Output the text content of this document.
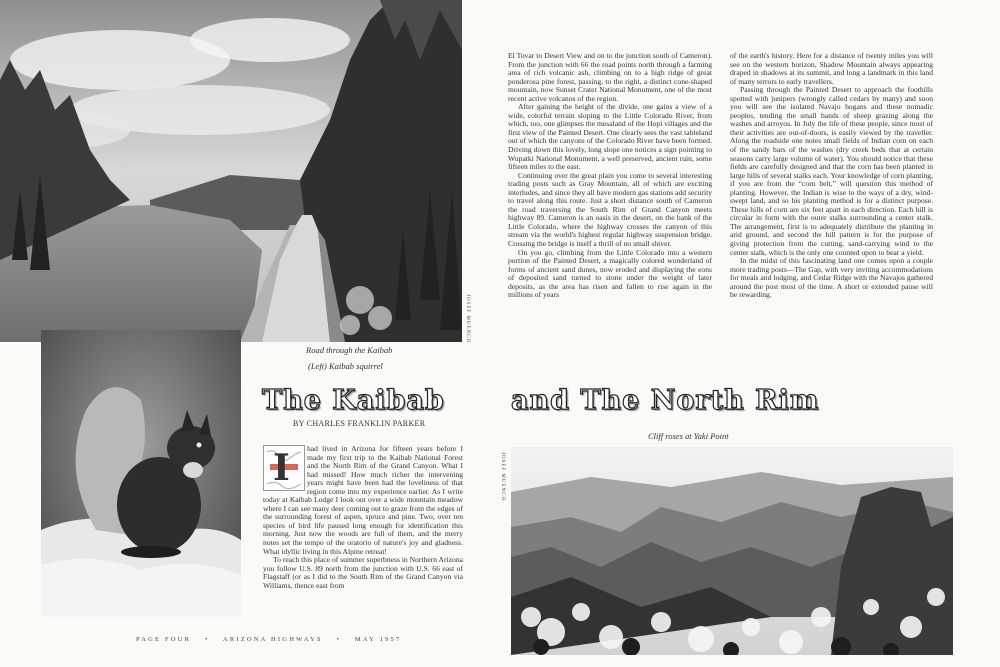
JOSEF MUENCH
JOSEF MUENCH
Road through the Kaibab
(Left) Kaibab squirrel
Cliff roses at Yaki Point
The Kaibab and The North Rim
BY CHARLES FRANKLIN PARKER
I	had lived in Arizona for fifteen years before I made my first trip to the Kaibab National Forest and the North Rim of the Grand Canyon. What I had missed! How much richer the intervening years might have been had the loveliness of that region come into my experience earlier. As I write today at Kaibab Lodge I look out over a wide mountain meadow where I can see many deer coming out to graze from the edges of the surrounding forest of aspen, spruce and pine. Two, over ten species of bird life paused long enough for identification this morning. Just now the woods are full of them, and the merry notes set the tempo of the oratorio of nature's joy and gladness. What idyllic living in this Alpine retreat!

To reach this place of summer superbness in Northern Arizona you follow U.S. 89 north from the junction with U.S. 66 east of Flagstaff (or as I did to the South Rim of the Grand Canyon via Williams, thence east from

El Tovar to Desert View and on to the junction south of Cameron). From the junction with 66 the road points north through a farming area of rich volcanic ash, climbing on to a high ridge of great ponderosa pine forest, passing, to the right, a distinct cone-shaped mountain, now Sunset Crater National Monument, one of the most recent active volcanos of the region.

After gaining the height of the divide, one gains a view of a wide, colorful terrain sloping to the Little Colorado River, from which, too, one glimpses the mesaland of the Hopi villages and the first view of the Painted Desert. One clearly sees the vast tableland out of which the canyons of the Colorado River have been formed. Driving down this lovely, long slope one notices a sign pointing to Wupatki National Monument, a well preserved, ancient ruin, some fifteen miles to the east.

Continuing over the great plain you come to several interesting trading posts such as Gray Mountain, all of which are exciting interludes, and since they all have modern gas stations add security to travel along this route. Just a short distance south of Cameron the road traversing the South Rim of Grand Canyon meets highway 89. Cameron is an oasis in the desert, on the bank of the Little Colorado, where the highway crosses the canyon of this stream via the world's highest regular highway suspension bridge. Crossing the bridge is itself a thrill of no small shiver.

On you go, climbing from the Little Colorado into a western portion of the Painted Desert, a magically colored wonderland of forms of ancient sand dunes, now eroded and displaying the eons of deposited sand turned to stone under the weight of later deposits, as the area has risen and fallen to rise again in the millions of years

of the earth's history. Here for a distance of twenty miles you will see on the western horizon, Shadow Mountain always appearing draped in shadows at its summit, and long a landmark in this land of many terrors to early travellers.

Passing through the Painted Desert to approach the foothills spotted with junipers (wrongly called cedars by many) and soon you will see the isolated Navajo hogans and these nomadic peoples, tending the small bands of sheep grazing along the washes and arroyos. In July the life of these people, since most of their activities are out-of-doors, is easily viewed by the traveller. Along the roadside one notes small fields of Indian corn on each of the sandy bars of the washes (dry creek beds that at certain seasons carry large volume of water). You should notice that these fields are carefully designed and that the corn has been planted in large hills of several stalks each. Your knowledge of corn planting, if you are from the “corn belt,” will question this method of planting. However, the Indian is wise to the ways of a dry, wind-swept land, and so his planting method is for a distinct purpose. These hills of corn are six feet apart in each direction. Each hill is circular in form with the outer stalks surrounding a center stalk. The arrangement, first is to adequately distribute the planting in arid ground, and second the hill pattern is for the purpose of giving protection from the cutting, sand-carrying wind to the center stalk, which is the only one counted upon to bear a yield.

In the midst of this fascinating land one comes upon a couple more trading posts—The Gap, with very inviting accommodations for meals and lodging, and Cedar Ridge with the Navajos gathered around the post most of the time. A short or extended pause will be rewarding.

PAGE FOUR • ARIZONA HIGHWAYS • MAY 1957
